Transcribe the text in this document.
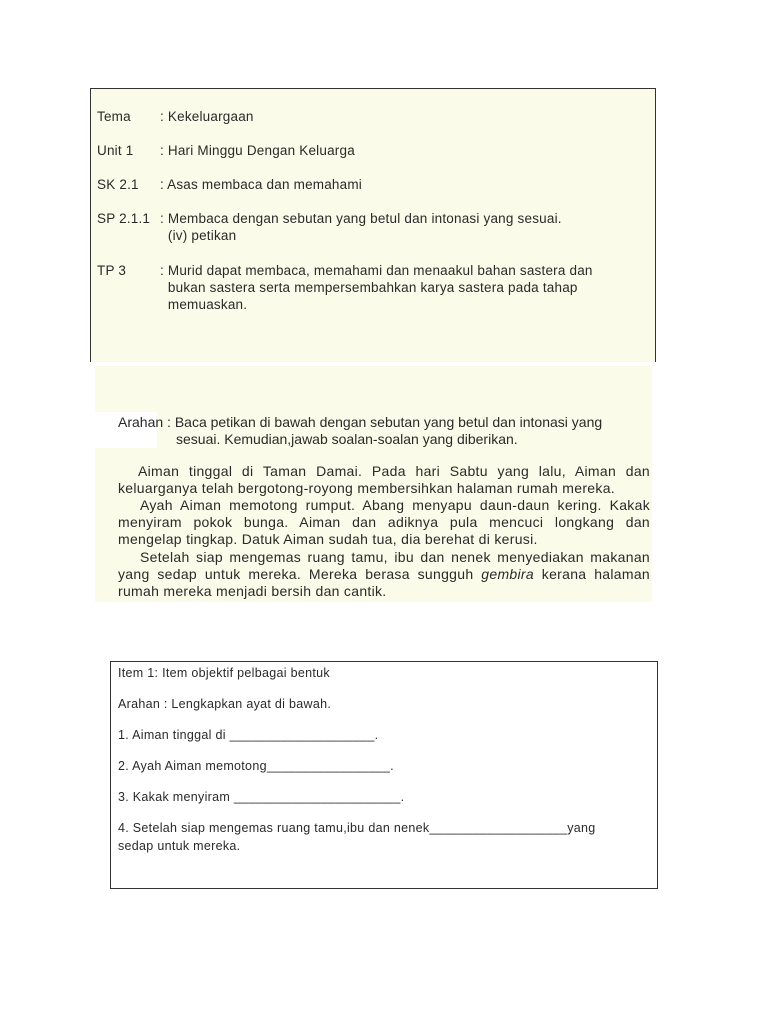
Tema	: Kekeluargaan
Unit 1	: Hari Minggu Dengan Keluarga
SK 2.1	: Asas membaca dan memahami
SP 2.1.1 : Membaca dengan sebutan yang betul dan intonasi yang sesuai.
(iv) petikan
TP 3	: Murid dapat membaca, memahami dan menaakul bahan sastera dan
bukan sastera serta mempersembahkan karya sastera pada tahap
memuaskan.
Arahan : Baca petikan di bawah dengan sebutan yang betul dan intonasi yang
sesuai. Kemudian,jawab soalan-soalan yang diberikan.
Aiman tinggal di Taman Damai. Pada hari Sabtu yang lalu, Aiman dan keluarganya telah bergotong-royong membersihkan halaman rumah mereka.
Ayah Aiman memotong rumput. Abang menyapu daun-daun kering. Kakak menyiram pokok bunga. Aiman dan adiknya pula mencuci longkang dan mengelap tingkap. Datuk Aiman sudah tua, dia berehat di kerusi.
Setelah siap mengemas ruang tamu, ibu dan nenek menyediakan makanan yang sedap untuk mereka. Mereka berasa sungguh gembira kerana halaman rumah mereka menjadi bersih dan cantik.
Item 1: Item objektif pelbagai bentuk
Arahan : Lengkapkan ayat di bawah.
1. Aiman tinggal di ____________________.
2. Ayah Aiman memotong_________________.
3. Kakak menyiram _______________________.
4. Setelah siap mengemas ruang tamu,ibu dan nenek___________________yang
sedap untuk mereka.
